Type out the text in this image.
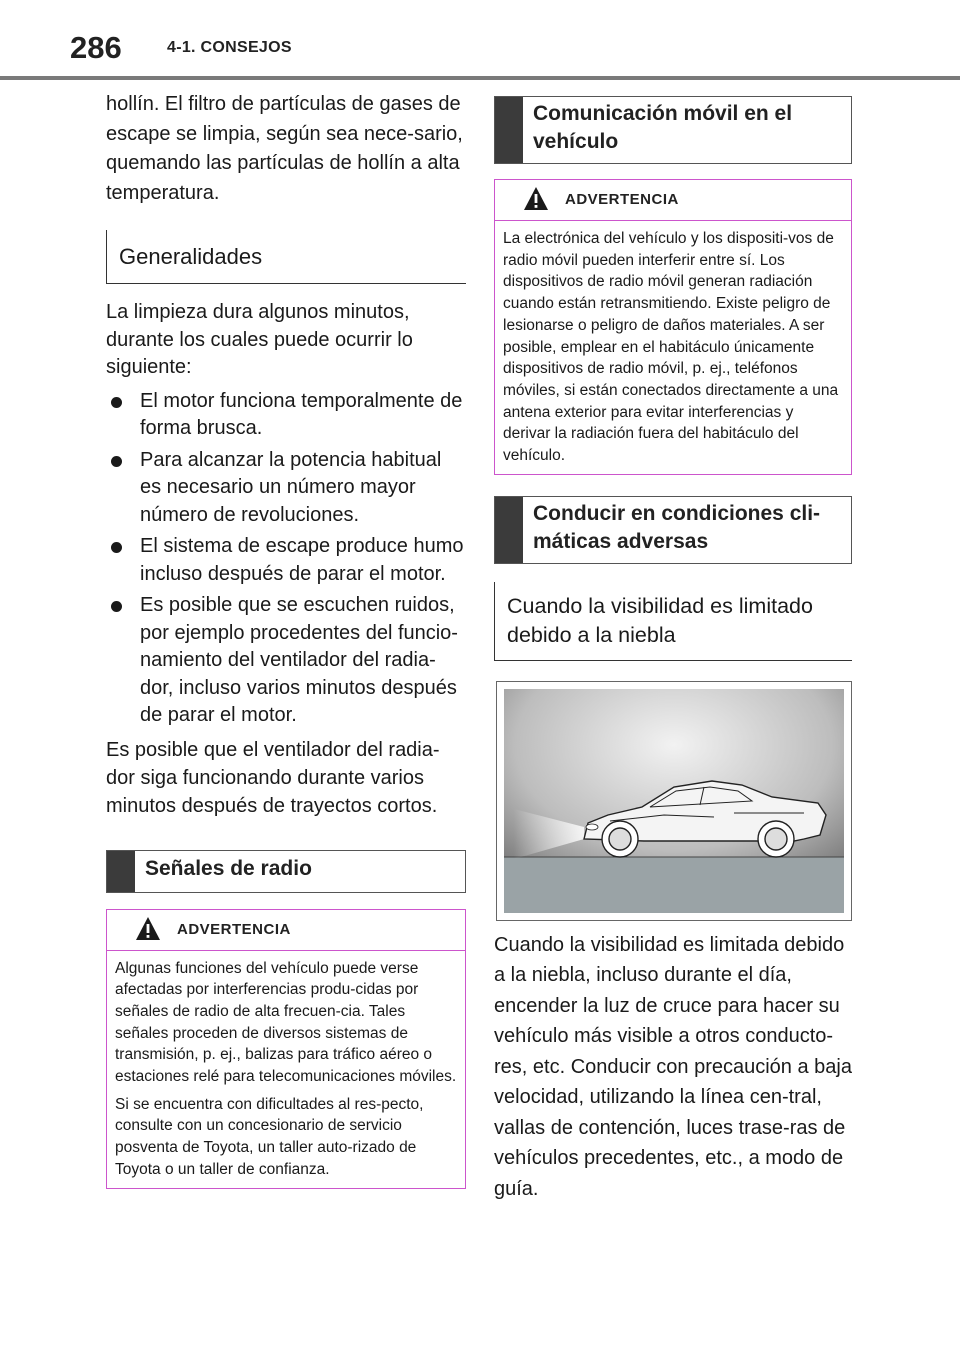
286	4-1. CONSEJOS

hollín. El filtro de partículas de gases de escape se limpia, según sea nece-sario, quemando las partículas de hollín a alta temperatura.

Generalidades

La limpieza dura algunos minutos, durante los cuales puede ocurrir lo siguiente:

El motor funciona temporalmente de forma brusca.
Para alcanzar la potencia habitual es necesario un número mayor número de revoluciones.
El sistema de escape produce humo incluso después de parar el motor.
Es posible que se escuchen ruidos, por ejemplo procedentes del funcio-namiento del ventilador del radia-dor, incluso varios minutos después de parar el motor.

Es posible que el ventilador del radia-dor siga funcionando durante varios minutos después de trayectos cortos.

Señales de radio
ADVERTENCIA

Algunas funciones del vehículo puede verse afectadas por interferencias produ-cidas por señales de radio de alta frecuen-cia. Tales señales proceden de diversos sistemas de transmisión, p. ej., balizas para tráfico aéreo o estaciones relé para telecomunicaciones móviles.

Si se encuentra con dificultades al res-pecto, consulte con un concesionario de servicio posventa de Toyota, un taller auto-rizado de Toyota o un taller de confianza.

Comunicación móvil en el vehículo
ADVERTENCIA

La electrónica del vehículo y los dispositi-vos de radio móvil pueden interferir entre sí. Los dispositivos de radio móvil generan radiación cuando están retransmitiendo. Existe peligro de lesionarse o peligro de daños materiales. A ser posible, emplear en el habitáculo únicamente dispositivos de radio móvil, p. ej., teléfonos móviles, si están conectados directamente a una antena exterior para evitar interferencias y derivar la radiación fuera del habitáculo del vehículo.

Conducir en condiciones cli-máticas adversas
Cuando la visibilidad es limitado debido a la niebla

Cuando la visibilidad es limitada debido a la niebla, incluso durante el día, encender la luz de cruce para hacer su vehículo más visible a otros conducto-res, etc. Conducir con precaución a baja velocidad, utilizando la línea cen-tral, vallas de contención, luces trase-ras de vehículos precedentes, etc., a modo de guía.
